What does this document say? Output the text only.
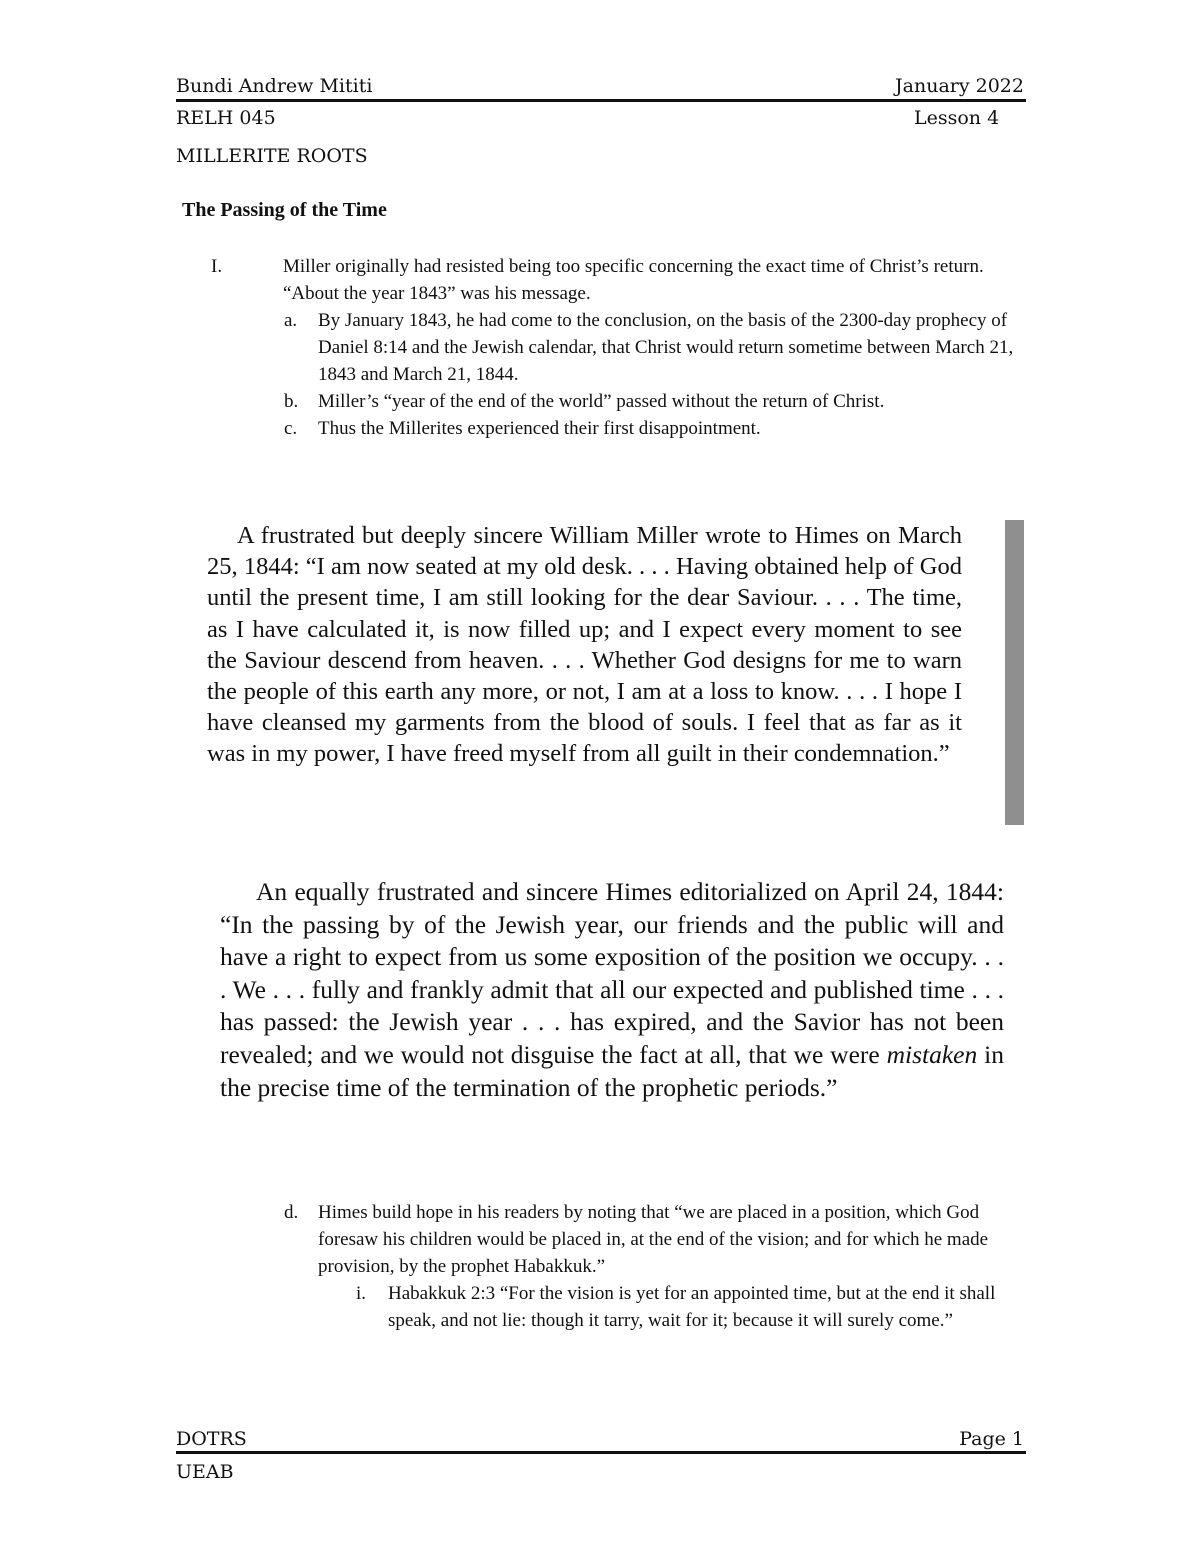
Bundi Andrew Mititi	January 2022
RELH 045	Lesson 4
MILLERITE ROOTS
The Passing of the Time
I.	Miller originally had resisted being too specific concerning the exact time of Christ’s return. “About the year 1843” was his message.
a.	By January 1843, he had come to the conclusion, on the basis of the 2300-day prophecy of Daniel 8:14 and the Jewish calendar, that Christ would return sometime between March 21, 1843 and March 21, 1844.
b.	Miller’s “year of the end of the world” passed without the return of Christ.
c.	Thus the Millerites experienced their first disappointment.
A frustrated but deeply sincere William Miller wrote to Himes on March 25, 1844: “I am now seated at my old desk. . . . Having obtained help of God until the present time, I am still looking for the dear Saviour. . . . The time, as I have calculated it, is now filled up; and I expect every moment to see the Saviour descend from heaven. . . . Whether God designs for me to warn the people of this earth any more, or not, I am at a loss to know. . . . I hope I have cleansed my garments from the blood of souls. I feel that as far as it was in my power, I have freed myself from all guilt in their condemnation.”
An equally frustrated and sincere Himes editorialized on April 24, 1844: “In the passing by of the Jewish year, our friends and the public will and have a right to expect from us some exposition of the position we occupy. . . . We . . . fully and frankly admit that all our expected and published time . . . has passed: the Jewish year . . . has expired, and the Savior has not been revealed; and we would not disguise the fact at all, that we were mistaken in the precise time of the termination of the prophetic periods.”
d.	Himes build hope in his readers by noting that “we are placed in a position, which God foresaw his children would be placed in, at the end of the vision; and for which he made provision, by the prophet Habakkuk.”
i.	Habakkuk 2:3 “For the vision is yet for an appointed time, but at the end it shall speak, and not lie: though it tarry, wait for it; because it will surely come.”
DOTRS	Page 1
UEAB
